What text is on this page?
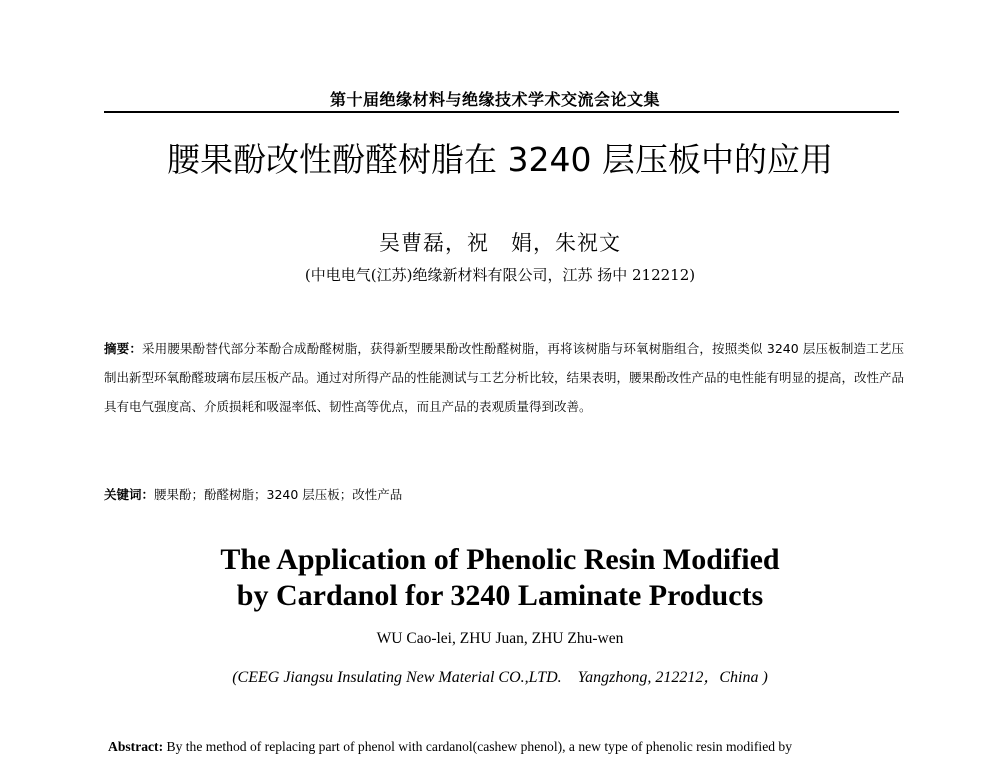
第十届绝缘材料与绝缘技术学术交流会论文集
腰果酚改性酚醛树脂在 3240 层压板中的应用
吴曹磊，祝　娟，朱祝文
(中电电气(江苏)绝缘新材料有限公司，江苏 扬中 212212)
摘要：采用腰果酚替代部分苯酚合成酚醛树脂，获得新型腰果酚改性酚醛树脂，再将该树脂与环氧树脂组合，按照类似 3240 层压板制造工艺压制出新型环氧酚醛玻璃布层压板产品。通过对所得产品的性能测试与工艺分析比较，结果表明，腰果酚改性产品的电性能有明显的提高，改性产品具有电气强度高、介质损耗和吸湿率低、韧性高等优点，而且产品的表观质量得到改善。
关键词：腰果酚；酚醛树脂；3240 层压板；改性产品
The Application of Phenolic Resin Modified
by Cardanol for 3240 Laminate Products
WU Cao-lei, ZHU Juan, ZHU Zhu-wen
(CEEG Jiangsu Insulating New Material CO.,LTD.　Yangzhong, 212212，China )
Abstract: By the method of replacing part of phenol with cardanol(cashew phenol), a new type of phenolic resin modified by
